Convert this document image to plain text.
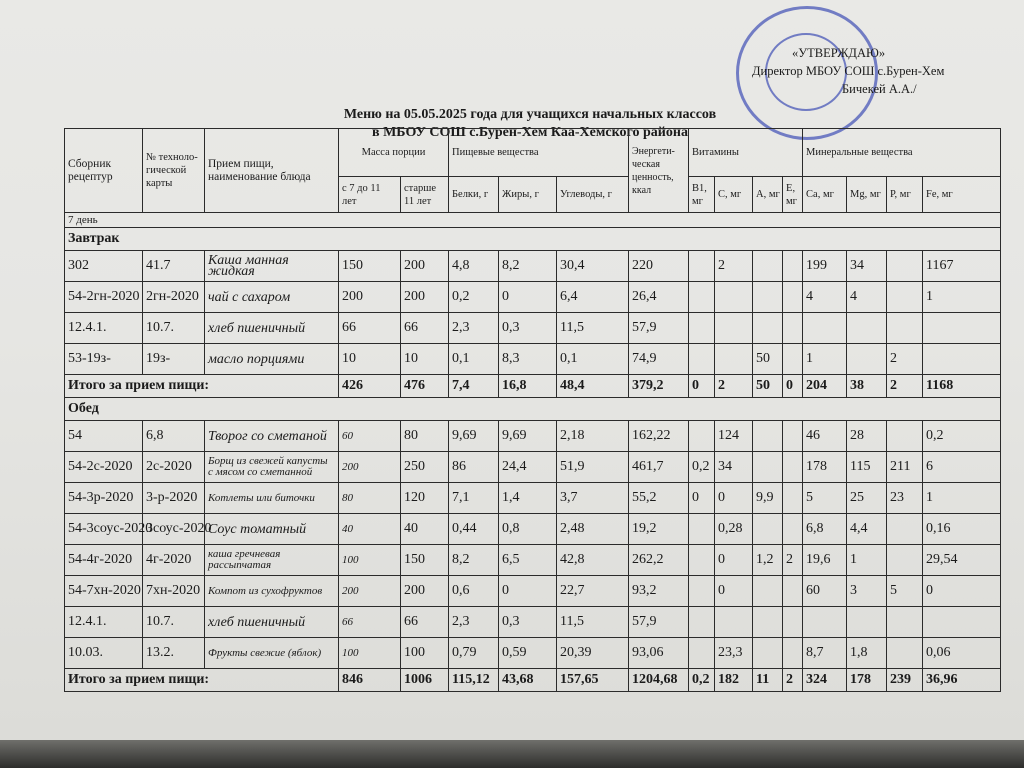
«УТВЕРЖДАЮ»
Директор МБОУ СОШ с.Бурен-Хем
Бичекей А.А./
Меню на 05.05.2025 года для учащихся начальных классов
в МБОУ СОШ с.Бурен-Хем Каа-Хемского района
Сборник рецептур	№ техноло-гической карты	Прием пищи, наименование блюда	Масса порции		Пищевые вещества			Энергети-ческая ценность, ккал	Витамины				Минеральные вещества			
			с 7 до 11 лет	старше 11 лет	Белки, г	Жиры, г	Углеводы, г		B1, мг	С, мг	А, мг	Е, мг	Са, мг	Mg, мг	Р, мг	Fe, мг
7 день																
Завтрак																
302	41.7	Каша манная жидкая	150	200	4,8	8,2	30,4	220		2			199	34		1167
54-2гн-2020	2гн-2020	чай с сахаром	200	200	0,2	0	6,4	26,4					4	4		1
12.4.1.	10.7.	хлеб пшеничный	66	66	2,3	0,3	11,5	57,9								
53-19з-	19з-	масло порциями	10	10	0,1	8,3	0,1	74,9			50		1		2	
Итого за прием пищи:			426	476	7,4	16,8	48,4	379,2	0	2	50	0	204	38	2	1168
Обед																
54	6,8	Творог со сметаной	60	80	9,69	9,69	2,18	162,22		124			46	28		0,2
54-2с-2020	2с-2020	Борщ из свежей капусты с мясом со сметанной	200	250	86	24,4	51,9	461,7	0,2	34			178	115	211	6
54-3р-2020	3-р-2020	Котлеты или биточки	80	120	7,1	1,4	3,7	55,2	0	0	9,9		5	25	23	1
54-3соус-2020	3соус-2020	Соус томатный	40	40	0,44	0,8	2,48	19,2		0,28			6,8	4,4		0,16
54-4г-2020	4г-2020	каша гречневая рассыпчатая	100	150	8,2	6,5	42,8	262,2		0	1,2	2	19,6	1		29,54
54-7хн-2020	7хн-2020	Компот из сухофруктов	200	200	0,6	0	22,7	93,2		0			60	3	5	0
12.4.1.	10.7.	хлеб пшеничный	66	66	2,3	0,3	11,5	57,9								
10.03.	13.2.	Фрукты свежие (яблок)	100	100	0,79	0,59	20,39	93,06		23,3			8,7	1,8		0,06
Итого за прием пищи:			846	1006	115,12	43,68	157,65	1204,68	0,2	182	11	2	324	178	239	36,96
